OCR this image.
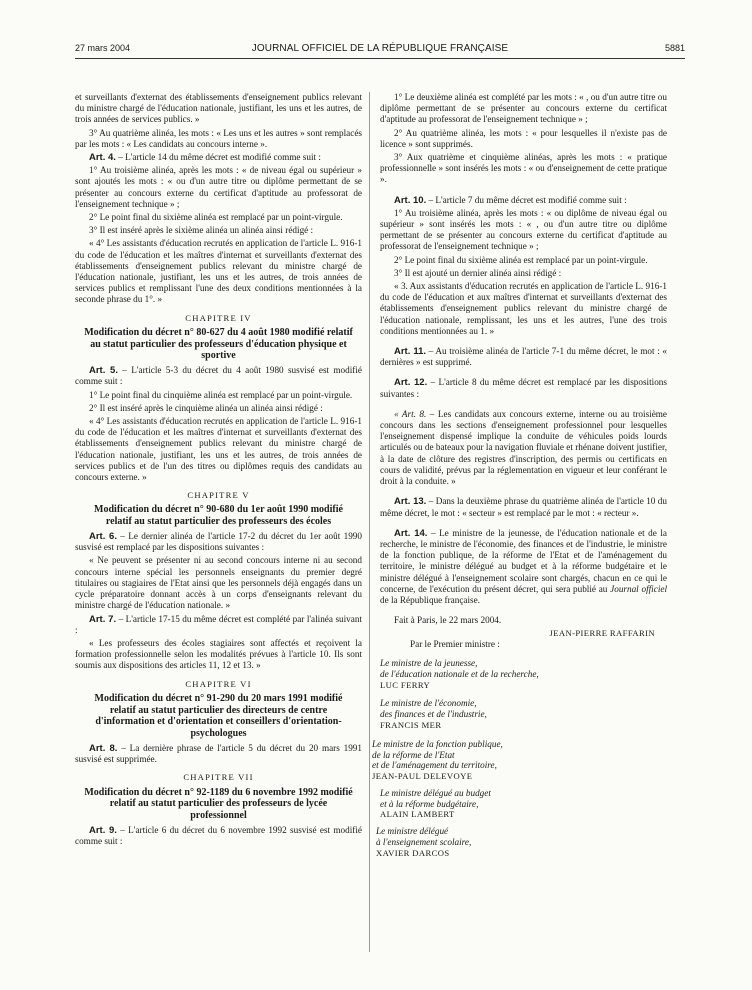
27 mars 2004	JOURNAL OFFICIEL DE LA RÉPUBLIQUE FRANÇAISE	5881

et surveillants d'externat des établissements d'enseignement publics relevant du ministre chargé de l'éducation nationale, justifiant, les uns et les autres, de trois années de services publics. »

3° Au quatrième alinéa, les mots : « Les uns et les autres » sont remplacés par les mots : « Les candidats au concours interne ».

Art. 4. – L'article 14 du même décret est modifié comme suit :

1° Au troisième alinéa, après les mots : « de niveau égal ou supérieur » sont ajoutés les mots : « ou d'un autre titre ou diplôme permettant de se présenter au concours externe du certificat d'aptitude au professorat de l'enseignement technique » ;

2° Le point final du sixième alinéa est remplacé par un point-virgule.

3° Il est inséré après le sixième alinéa un alinéa ainsi rédigé :

« 4° Les assistants d'éducation recrutés en application de l'article L. 916-1 du code de l'éducation et les maîtres d'internat et surveillants d'externat des établissements d'enseignement publics relevant du ministre chargé de l'éducation nationale, justifiant, les uns et les autres, de trois années de services publics et remplissant l'une des deux conditions mentionnées à la seconde phrase du 1°. »

CHAPITRE IV
Modification du décret n° 80-627 du 4 août 1980 modifié relatif au statut particulier des professeurs d'éducation physique et sportive

Art. 5. – L'article 5-3 du décret du 4 août 1980 susvisé est modifié comme suit :

1° Le point final du cinquième alinéa est remplacé par un point-virgule.

2° Il est inséré après le cinquième alinéa un alinéa ainsi rédigé :

« 4° Les assistants d'éducation recrutés en application de l'article L. 916-1 du code de l'éducation et les maîtres d'internat et surveillants d'externat des établissements d'enseignement publics relevant du ministre chargé de l'éducation nationale, justifiant, les uns et les autres, de trois années de services publics et de l'un des titres ou diplômes requis des candidats au concours externe. »

CHAPITRE V
Modification du décret n° 90-680 du 1er août 1990 modifié relatif au statut particulier des professeurs des écoles

Art. 6. – Le dernier alinéa de l'article 17-2 du décret du 1er août 1990 susvisé est remplacé par les dispositions suivantes :

« Ne peuvent se présenter ni au second concours interne ni au second concours interne spécial les personnels enseignants du premier degré titulaires ou stagiaires de l'Etat ainsi que les personnels déjà engagés dans un cycle préparatoire donnant accès à un corps d'enseignants relevant du ministre chargé de l'éducation nationale. »

Art. 7. – L'article 17-15 du même décret est complété par l'alinéa suivant :

« Les professeurs des écoles stagiaires sont affectés et reçoivent la formation professionnelle selon les modalités prévues à l'article 10. Ils sont soumis aux dispositions des articles 11, 12 et 13. »

CHAPITRE VI
Modification du décret n° 91-290 du 20 mars 1991 modifié relatif au statut particulier des directeurs de centre d'information et d'orientation et conseillers d'orientation-psychologues

Art. 8. – La dernière phrase de l'article 5 du décret du 20 mars 1991 susvisé est supprimée.

CHAPITRE VII
Modification du décret n° 92-1189 du 6 novembre 1992 modifié relatif au statut particulier des professeurs de lycée professionnel

Art. 9. – L'article 6 du décret du 6 novembre 1992 susvisé est modifié comme suit :

1° Le deuxième alinéa est complété par les mots : « , ou d'un autre titre ou diplôme permettant de se présenter au concours externe du certificat d'aptitude au professorat de l'enseignement technique » ;

2° Au quatrième alinéa, les mots : « pour lesquelles il n'existe pas de licence » sont supprimés.

3° Aux quatrième et cinquième alinéas, après les mots : « pratique professionnelle » sont insérés les mots : « ou d'enseignement de cette pratique ».

Art. 10. – L'article 7 du même décret est modifié comme suit :

1° Au troisième alinéa, après les mots : « ou diplôme de niveau égal ou supérieur » sont insérés les mots : « , ou d'un autre titre ou diplôme permettant de se présenter au concours externe du certificat d'aptitude au professorat de l'enseignement technique » ;

2° Le point final du sixième alinéa est remplacé par un point-virgule.

3° Il est ajouté un dernier alinéa ainsi rédigé :

« 3. Aux assistants d'éducation recrutés en application de l'article L. 916-1 du code de l'éducation et aux maîtres d'internat et surveillants d'externat des établissements d'enseignement publics relevant du ministre chargé de l'éducation nationale, remplissant, les uns et les autres, l'une des trois conditions mentionnées au 1. »

Art. 11. – Au troisième alinéa de l'article 7-1 du même décret, le mot : « dernières » est supprimé.

Art. 12. – L'article 8 du même décret est remplacé par les dispositions suivantes :

« Art. 8. – Les candidats aux concours externe, interne ou au troisième concours dans les sections d'enseignement professionnel pour lesquelles l'enseignement dispensé implique la conduite de véhicules poids lourds articulés ou de bateaux pour la navigation fluviale et rhénane doivent justifier, à la date de clôture des registres d'inscription, des permis ou certificats en cours de validité, prévus par la réglementation en vigueur et leur conférant le droit à la conduite. »

Art. 13. – Dans la deuxième phrase du quatrième alinéa de l'article 10 du même décret, le mot : « secteur » est remplacé par le mot : « recteur ».

Art. 14. – Le ministre de la jeunesse, de l'éducation nationale et de la recherche, le ministre de l'économie, des finances et de l'industrie, le ministre de la fonction publique, de la réforme de l'Etat et de l'aménagement du territoire, le ministre délégué au budget et à la réforme budgétaire et le ministre délégué à l'enseignement scolaire sont chargés, chacun en ce qui le concerne, de l'exécution du présent décret, qui sera publié au Journal officiel de la République française.

Fait à Paris, le 22 mars 2004.

JEAN-PIERRE RAFFARIN

Par le Premier ministre :

Le ministre de la jeunesse,

de l'éducation nationale et de la recherche,

LUC FERRY

Le ministre de l'économie,

des finances et de l'industrie,

FRANCIS MER

Le ministre de la fonction publique,

de la réforme de l'Etat

et de l'aménagement du territoire,

JEAN-PAUL DELEVOYE

Le ministre délégué au budget

et à la réforme budgétaire,

ALAIN LAMBERT

Le ministre délégué

à l'enseignement scolaire,

XAVIER DARCOS
